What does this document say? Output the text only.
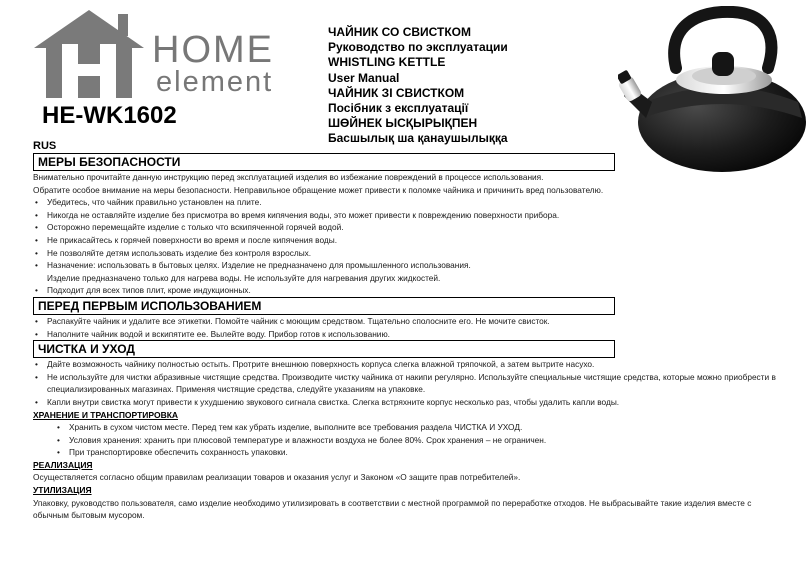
HOME
element
HE-WK1602
ЧАЙНИК СО СВИСТКОМ
Руководство по эксплуатации
WHISTLING KETTLE
User Manual
ЧАЙНИК ЗІ СВИСТКОМ
Посібник з експлуатації
ШӨЙНЕК ЫСҚЫРЫҚПЕН
Басшылық ша қанаушылыққа
RUS
МЕРЫ БЕЗОПАСНОСТИ
Внимательно прочитайте данную инструкцию перед эксплуатацией изделия во избежание повреждений в процессе использования.
Обратите особое внимание на меры безопасности. Неправильное обращение может привести к поломке чайника и причинить вред пользователю.
• Убедитесь, что чайник правильно установлен на плите.
• Никогда не оставляйте изделие без присмотра во время кипячения воды, это может привести к повреждению поверхности прибора.
• Осторожно перемещайте изделие с только что вскипяченной горячей водой.
• Не прикасайтесь к горячей поверхности во время и после кипячения воды.
• Не позволяйте детям использовать изделие без контроля взрослых.
• Назначение: использовать в бытовых целях. Изделие не предназначено для промышленного использования.
Изделие предназначено только для нагрева воды. Не используйте для нагревания других жидкостей.
• Подходит для всех типов плит, кроме индукционных.
ПЕРЕД ПЕРВЫМ ИСПОЛЬЗОВАНИЕМ
• Распакуйте чайник и удалите все этикетки. Помойте чайник с моющим средством. Тщательно сполосните его. Не мочите свисток.
• Наполните чайник водой и вскипятите ее. Вылейте воду. Прибор готов к использованию.
ЧИСТКА И УХОД
• Дайте возможность чайнику полностью остыть. Протрите внешнюю поверхность корпуса слегка влажной тряпочкой, а затем вытрите насухо.
• Не используйте для чистки абразивные чистящие средства. Производите чистку чайника от накипи регулярно. Используйте специальные чистящие средства, которые можно приобрести в специализированных магазинах. Применяя чистящие средства, следуйте указаниям на упаковке.
• Капли внутри свистка могут привести к ухудшению звукового сигнала свистка. Слегка встряхните корпус несколько раз, чтобы удалить капли воды.
ХРАНЕНИЕ И ТРАНСПОРТИРОВКА
• Хранить в сухом чистом месте. Перед тем как убрать изделие, выполните все требования раздела ЧИСТКА И УХОД.
• Условия хранения: хранить при плюсовой температуре и влажности воздуха не более 80%. Срок хранения – не ограничен.
• При транспортировке обеспечить сохранность упаковки.
РЕАЛИЗАЦИЯ
Осуществляется согласно общим правилам реализации товаров и оказания услуг и Законом «О защите прав потребителей».
УТИЛИЗАЦИЯ
Упаковку, руководство пользователя, само изделие необходимо утилизировать в соответствии с местной программой по переработке отходов. Не выбрасывайте такие изделия вместе с обычным бытовым мусором.
